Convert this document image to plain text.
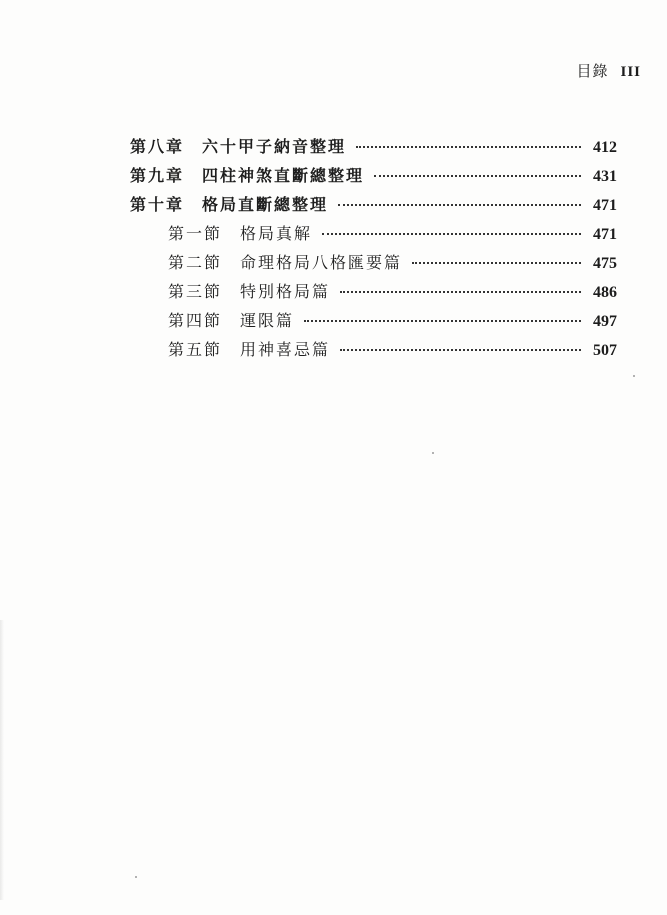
目錄 III
第八章 六十甲子納音整理	412
第九章 四柱神煞直斷總整理	431
第十章 格局直斷總整理	471
第一節 格局真解	471
第二節 命理格局八格匯要篇	475
第三節 特別格局篇	486
第四節 運限篇	497
第五節 用神喜忌篇	507
